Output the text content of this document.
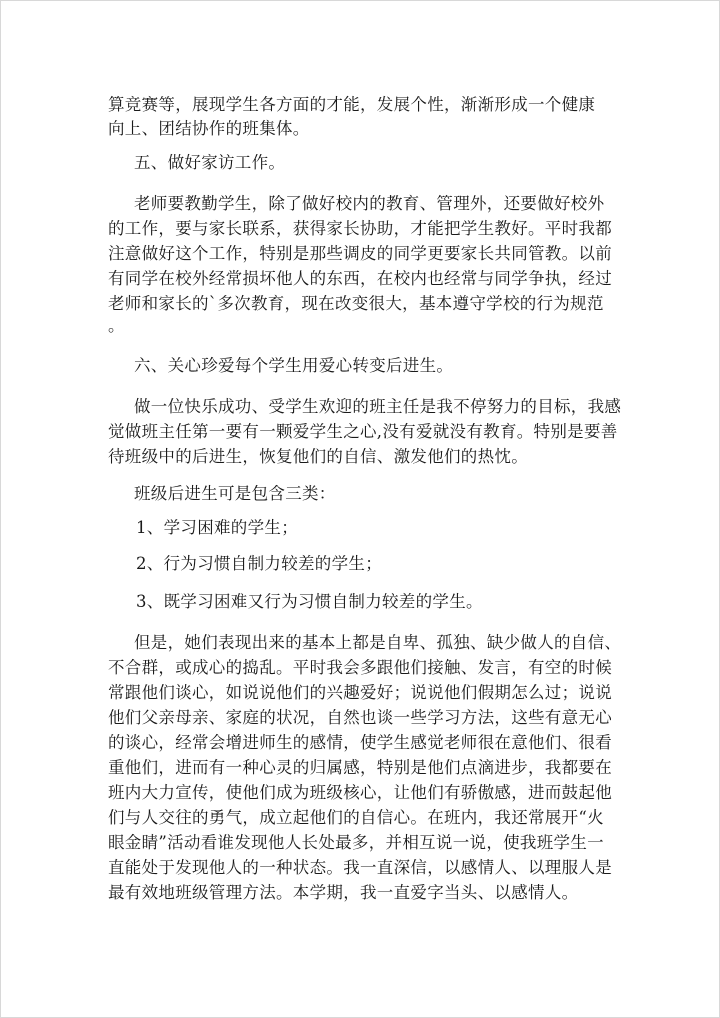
算竞赛等，展现学生各方面的才能，发展个性，渐渐形成一个健康
向上、团结协作的班集体。
五、做好家访工作。
老师要教勤学生，除了做好校内的教育、管理外，还要做好校外
的工作，要与家长联系，获得家长协助，才能把学生教好。平时我都
注意做好这个工作，特别是那些调皮的同学更要家长共同管教。以前
有同学在校外经常损坏他人的东西，在校内也经常与同学争执，经过
老师和家长的`多次教育，现在改变很大，基本遵守学校的行为规范
。
六、关心珍爱每个学生用爱心转变后进生。
做一位快乐成功、受学生欢迎的班主任是我不停努力的目标，我感
觉做班主任第一要有一颗爱学生之心,没有爱就没有教育。特别是要善
待班级中的后进生，恢复他们的自信、激发他们的热忱。
班级后进生可是包含三类：
1、学习困难的学生；
2、行为习惯自制力较差的学生；
3、既学习困难又行为习惯自制力较差的学生。
但是，她们表现出来的基本上都是自卑、孤独、缺少做人的自信、
不合群，或成心的捣乱。平时我会多跟他们接触、发言，有空的时候
常跟他们谈心，如说说他们的兴趣爱好；说说他们假期怎么过；说说
他们父亲母亲、家庭的状况，自然也谈一些学习方法，这些有意无心
的谈心，经常会增进师生的感情，使学生感觉老师很在意他们、很看
重他们，进而有一种心灵的归属感，特别是他们点滴进步，我都要在
班内大力宣传，使他们成为班级核心，让他们有骄傲感，进而鼓起他
们与人交往的勇气，成立起他们的自信心。在班内，我还常展开“火
眼金睛”活动看谁发现他人长处最多，并相互说一说，使我班学生一
直能处于发现他人的一种状态。我一直深信，以感情人、以理服人是
最有效地班级管理方法。本学期，我一直爱字当头、以感情人。
